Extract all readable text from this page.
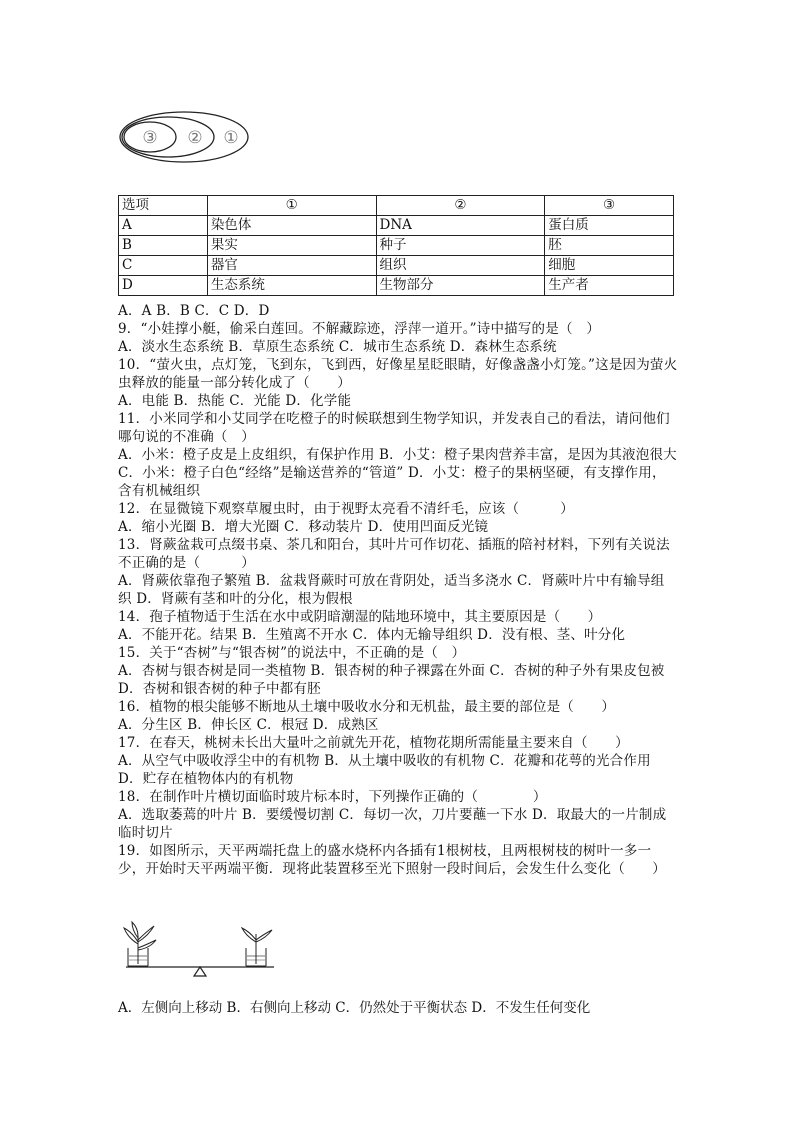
③ ② ①
选项	①	②	③
A	染色体	DNA	蛋白质
B	果实	种子	胚
C	器官	组织	细胞
D	生态系统	生物部分	生产者

A．A B．B C．C D．D

9．“小娃撑小艇，偷采白莲回。不解藏踪迹，浮萍一道开。”诗中描写的是（　）

A．淡水生态系统 B．草原生态系统 C．城市生态系统 D．森林生态系统

10．“萤火虫，点灯笼，飞到东，飞到西，好像星星眨眼睛，好像盏盏小灯笼。”这是因为萤火虫释放的能量一部分转化成了（　　）

A．电能 B．热能 C．光能 D．化学能

11．小米同学和小艾同学在吃橙子的时候联想到生物学知识，并发表自己的看法，请问他们哪句说的不准确（　）

A．小米：橙子皮是上皮组织，有保护作用 B．小艾：橙子果肉营养丰富，是因为其液泡很大 C．小米：橙子白色“经络”是输送营养的“管道” D．小艾：橙子的果柄坚硬，有支撑作用，含有机械组织

12．在显微镜下观察草履虫时，由于视野太亮看不清纤毛，应该（　　　）

A．缩小光圈 B．增大光圈 C．移动装片 D．使用凹面反光镜

13．肾蕨盆栽可点缀书桌、茶几和阳台，其叶片可作切花、插瓶的陪衬材料，下列有关说法不正确的是（　　　）

A．肾蕨依靠孢子繁殖 B．盆栽肾蕨时可放在背阴处，适当多浇水 C．肾蕨叶片中有输导组织 D．肾蕨有茎和叶的分化，根为假根

14．孢子植物适于生活在水中或阴暗潮湿的陆地环境中，其主要原因是（　　）

A．不能开花。结果 B．生殖离不开水 C．体内无输导组织 D．没有根、茎、叶分化

15．关于“杏树”与“银杏树”的说法中，不正确的是（　）

A．杏树与银杏树是同一类植物 B．银杏树的种子裸露在外面 C．杏树的种子外有果皮包被 D．杏树和银杏树的种子中都有胚

16．植物的根尖能够不断地从土壤中吸收水分和无机盐，最主要的部位是（　　）

A．分生区 B．伸长区 C．根冠 D．成熟区

17．在春天，桃树未长出大量叶之前就先开花，植物花期所需能量主要来自（　　）

A．从空气中吸收浮尘中的有机物 B．从土壤中吸收的有机物 C．花瓣和花萼的光合作用 D．贮存在植物体内的有机物

18．在制作叶片横切面临时玻片标本时，下列操作正确的（　　　　）

A．选取萎蔫的叶片 B．要缓慢切割 C．每切一次，刀片要蘸一下水 D．取最大的一片制成临时切片

19．如图所示，天平两端托盘上的盛水烧杯内各插有1根树枝，且两根树枝的树叶一多一少，开始时天平两端平衡．现将此装置移至光下照射一段时间后，会发生什么变化（　　）

A．左侧向上移动 B．右侧向上移动 C．仍然处于平衡状态 D．不发生任何变化
